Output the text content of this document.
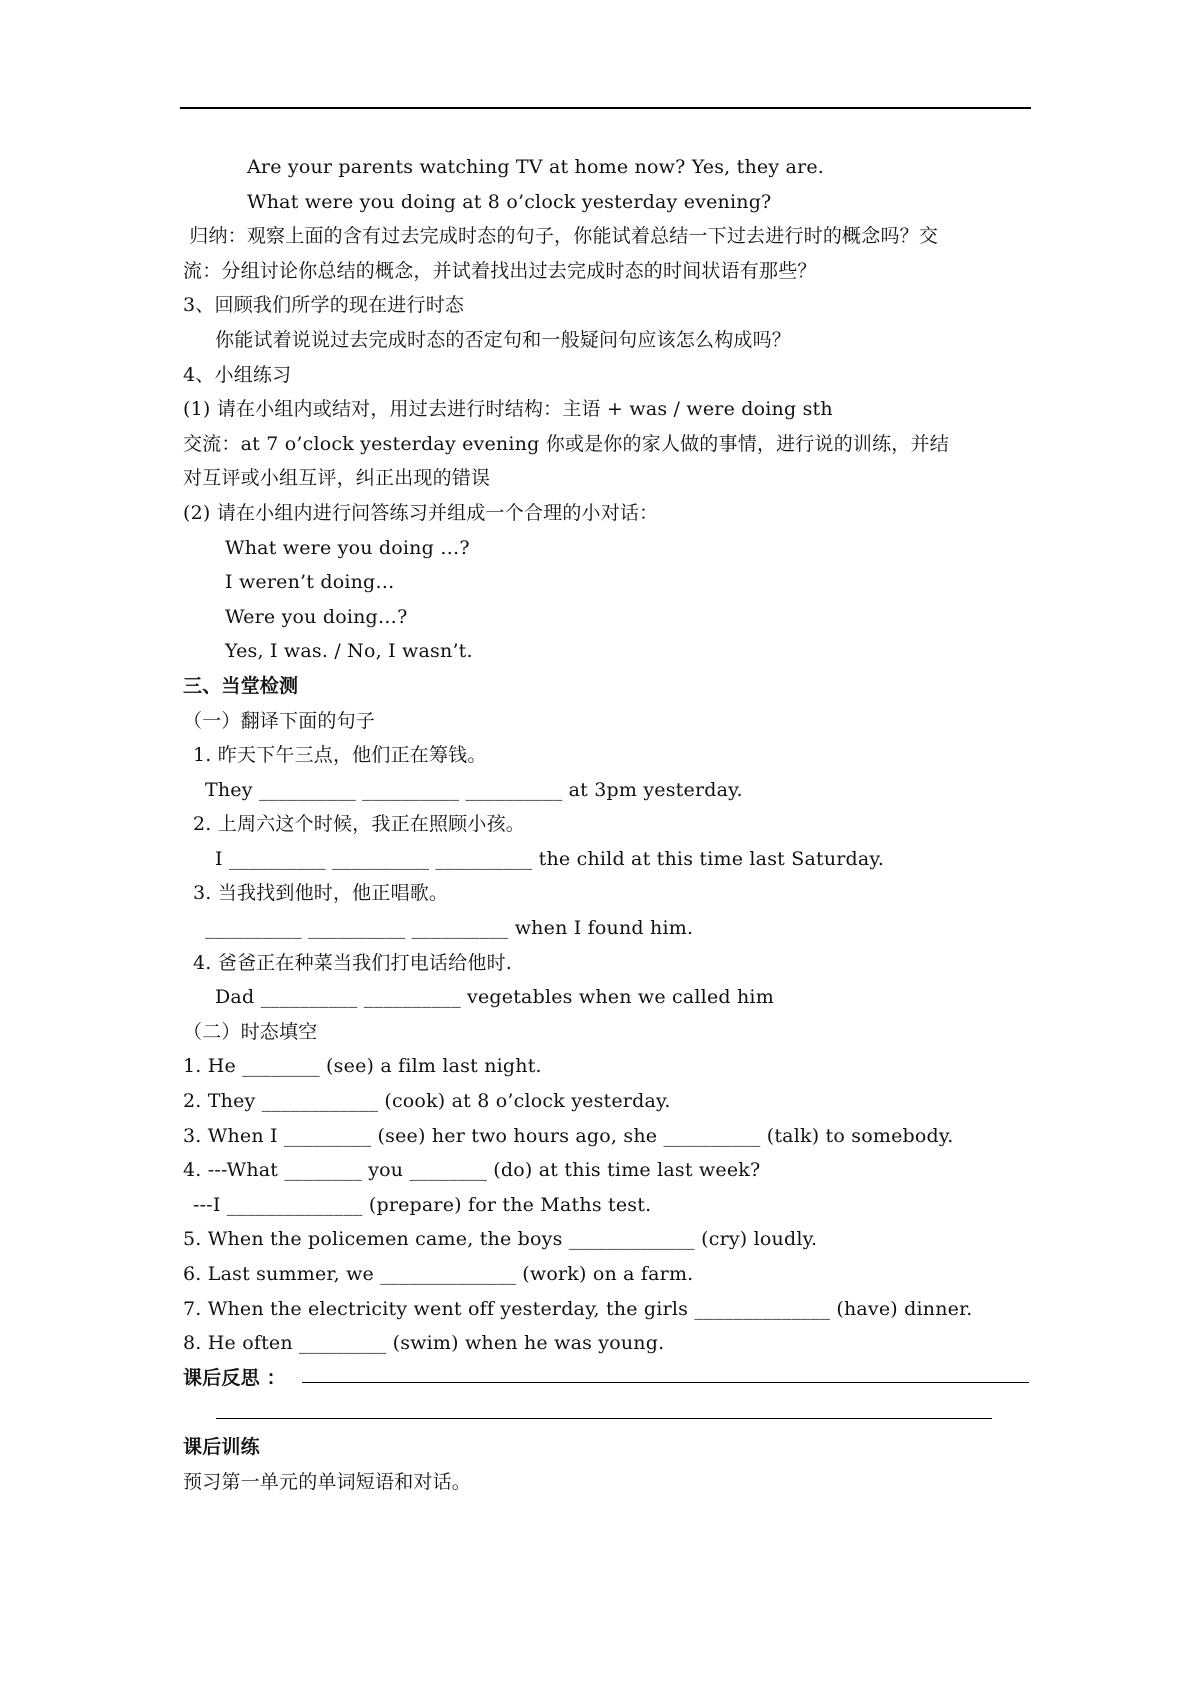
Are your parents watching TV at home now? Yes, they are.
What were you doing at 8 o’clock yesterday evening?
归纳：观察上面的含有过去完成时态的句子，你能试着总结一下过去进行时的概念吗？交
流：分组讨论你总结的概念，并试着找出过去完成时态的时间状语有那些？
3、回顾我们所学的现在进行时态
你能试着说说过去完成时态的否定句和一般疑问句应该怎么构成吗？
4、小组练习
(1) 请在小组内或结对，用过去进行时结构：主语 + was / were doing sth
交流：at 7 o’clock yesterday evening 你或是你的家人做的事情，进行说的训练，并结
对互评或小组互评，纠正出现的错误
(2) 请在小组内进行问答练习并组成一个合理的小对话：
What were you doing …?
I weren’t doing…
Were you doing…?
Yes, I was. / No, I wasn’t.
三、当堂检测
（一）翻译下面的句子
1. 昨天下午三点，他们正在筹钱。
They __________ __________ __________ at 3pm yesterday.
2. 上周六这个时候，我正在照顾小孩。
I __________ __________ __________ the child at this time last Saturday.
3. 当我找到他时，他正唱歌。
__________ __________ __________ when I found him.
4. 爸爸正在种菜当我们打电话给他时.
Dad __________ __________ vegetables when we called him
（二）时态填空
1. He ________ (see) a film last night.
2. They ____________ (cook) at 8 o’clock yesterday.
3. When I _________ (see) her two hours ago, she __________ (talk) to somebody.
4. ---What ________ you ________ (do) at this time last week?
---I ______________ (prepare) for the Maths test.
5. When the policemen came, the boys _____________ (cry) loudly.
6. Last summer, we ______________ (work) on a farm.
7. When the electricity went off yesterday, the girls ______________ (have) dinner.
8. He often _________ (swim) when he was young.
课后反思 ：
课后训练
预习第一单元的单词短语和对话。
